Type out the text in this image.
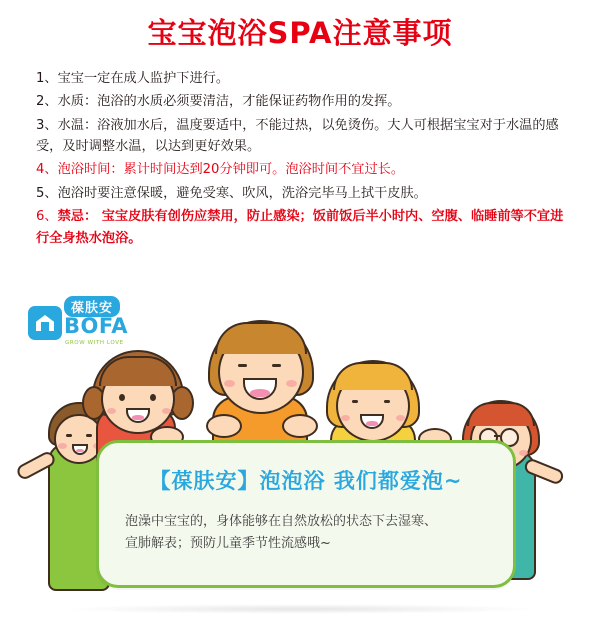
宝宝泡浴SPA注意事项

1、宝宝一定在成人监护下进行。

2、水质：泡浴的水质必须要清洁，才能保证药物作用的发挥。

3、水温：浴液加水后，温度要适中，不能过热，以免烫伤。大人可根据宝宝对于水温的感受，及时调整水温，以达到更好效果。

4、泡浴时间：累计时间达到20分钟即可。泡浴时间不宜过长。

5、泡浴时要注意保暖，避免受寒、吹风，洗浴完毕马上拭干皮肤。

6、禁忌： 宝宝皮肤有创伤应禁用，防止感染；饭前饭后半小时内、空腹、临睡前等不宜进行全身热水泡浴。

葆肤安
BOFA
GROW WITH LOVE
【葆肤安】泡泡浴 我们都爱泡~
泡澡中宝宝的，身体能够在自然放松的状态下去湿寒、
宣肺解表；预防儿童季节性流感哦~
